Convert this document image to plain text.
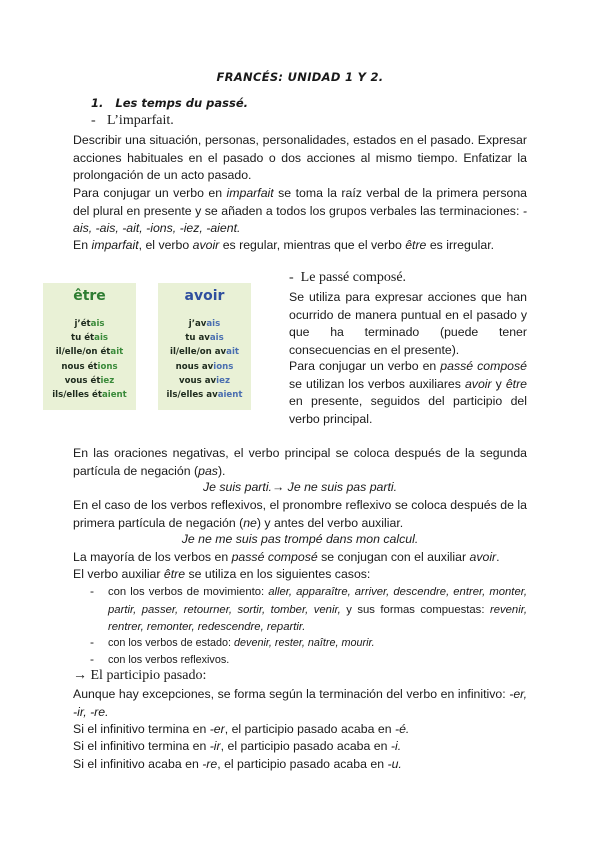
FRANCÉS: UNIDAD 1 Y 2.
1. Les temps du passé.
- L’imparfait.

Describir una situación, personas, personalidades, estados en el pasado. Expresar acciones habituales en el pasado o dos acciones al mismo tiempo. Enfatizar la prolongación de un acto pasado.

Para conjugar un verbo en imparfait se toma la raíz verbal de la primera persona del plural en presente y se añaden a todos los grupos verbales las terminaciones: -ais, -ais, -ait, -ions, -iez, -aient.

En imparfait, el verbo avoir es regular, mientras que el verbo être es irregular.

être
j’étais
tu étais
il/elle/on était
nous étions
vous étiez
ils/elles étaient
avoir
j’avais
tu avais
il/elle/on avait
nous avions
vous aviez
ils/elles avaient
- Le passé composé.

Se utiliza para expresar acciones que han ocurrido de manera puntual en el pasado y que ha terminado (puede tener consecuencias en el presente).

Para conjugar un verbo en passé composé se utilizan los verbos auxiliares avoir y être en presente, seguidos del participio del verbo principal.

En las oraciones negativas, el verbo principal se coloca después de la segunda partícula de negación (pas).

Je suis parti.→ Je ne suis pas parti.

En el caso de los verbos reflexivos, el pronombre reflexivo se coloca después de la primera partícula de negación (ne) y antes del verbo auxiliar.

Je ne me suis pas trompé dans mon calcul.

La mayoría de los verbos en passé composé se conjugan con el auxiliar avoir.

El verbo auxiliar être se utiliza en los siguientes casos:

- con los verbos de movimiento: aller, apparaître, arriver, descendre, entrer, monter, partir, passer, retourner, sortir, tomber, venir, y sus formas compuestas: revenir, rentrer, remonter, redescendre, repartir.

- con los verbos de estado: devenir, rester, naître, mourir.

- con los verbos reflexivos.

→ El participio pasado:

Aunque hay excepciones, se forma según la terminación del verbo en infinitivo: -er, -ir, -re.

Si el infinitivo termina en -er, el participio pasado acaba en -é.

Si el infinitivo termina en -ir, el participio pasado acaba en -i.

Si el infinitivo acaba en -re, el participio pasado acaba en -u.
